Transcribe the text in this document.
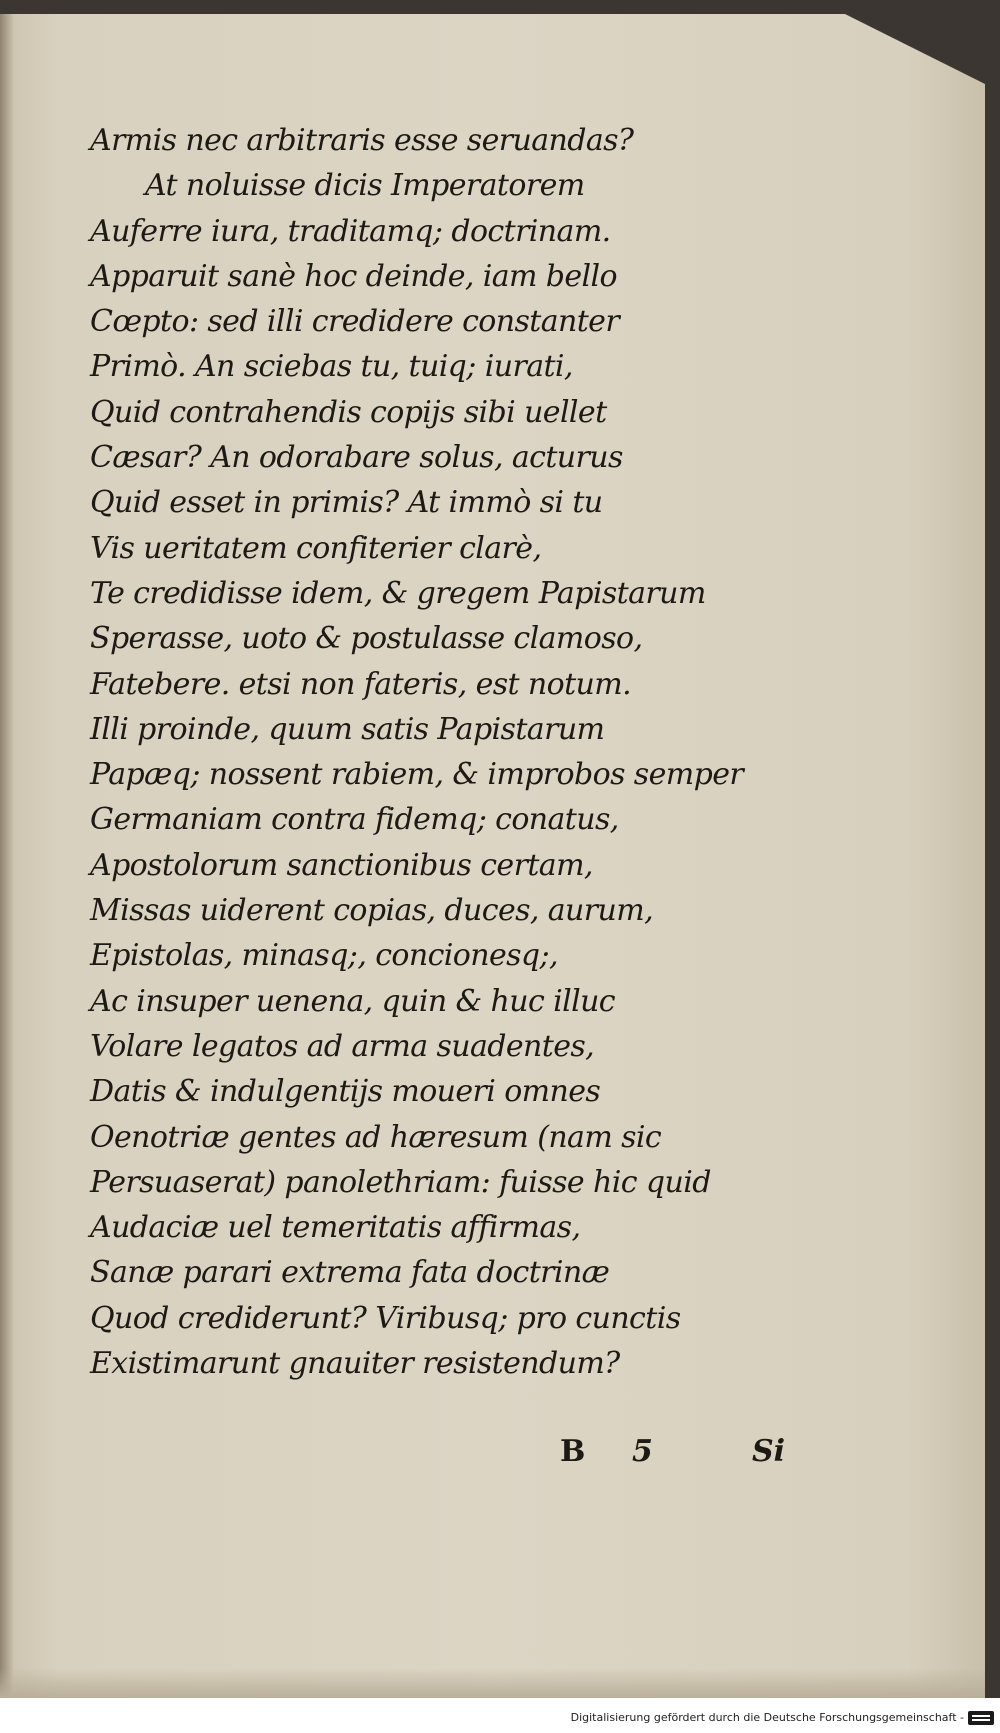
Armis nec arbitraris esse seruandas?
At noluisse dicis Imperatorem
Auferre iura, traditamq; doctrinam.
Apparuit sanè hoc deinde, iam bello
Cœpto: sed illi credidere constanter
Primò. An sciebas tu, tuiq; iurati,
Quid contrahendis copijs sibi uellet
Cæsar? An odorabare solus, acturus
Quid esset in primis? At immò si tu
Vis ueritatem confiterier clarè,
Te credidisse idem, & gregem Papistarum
Sperasse, uoto & postulasse clamoso,
Fatebere. etsi non fateris, est notum.
Illi proinde, quum satis Papistarum
Papæq; nossent rabiem, & improbos semper
Germaniam contra fidemq; conatus,
Apostolorum sanctionibus certam,
Missas uiderent copias, duces, aurum,
Epistolas, minasq;, concionesq;,
Ac insuper uenena, quin & huc illuc
Volare legatos ad arma suadentes,
Datis & indulgentijs moueri omnes
Oenotriæ gentes ad hæresum (nam sic
Persuaserat) panolethriam: fuisse hic quid
Audaciæ uel temeritatis affirmas,
Sanæ parari extrema fata doctrinæ
Quod crediderunt? Viribusq; pro cunctis
Existimarunt gnauiter resistendum?
B 5	Si
Digitalisierung gefördert durch die Deutsche Forschungsgemeinschaft -
